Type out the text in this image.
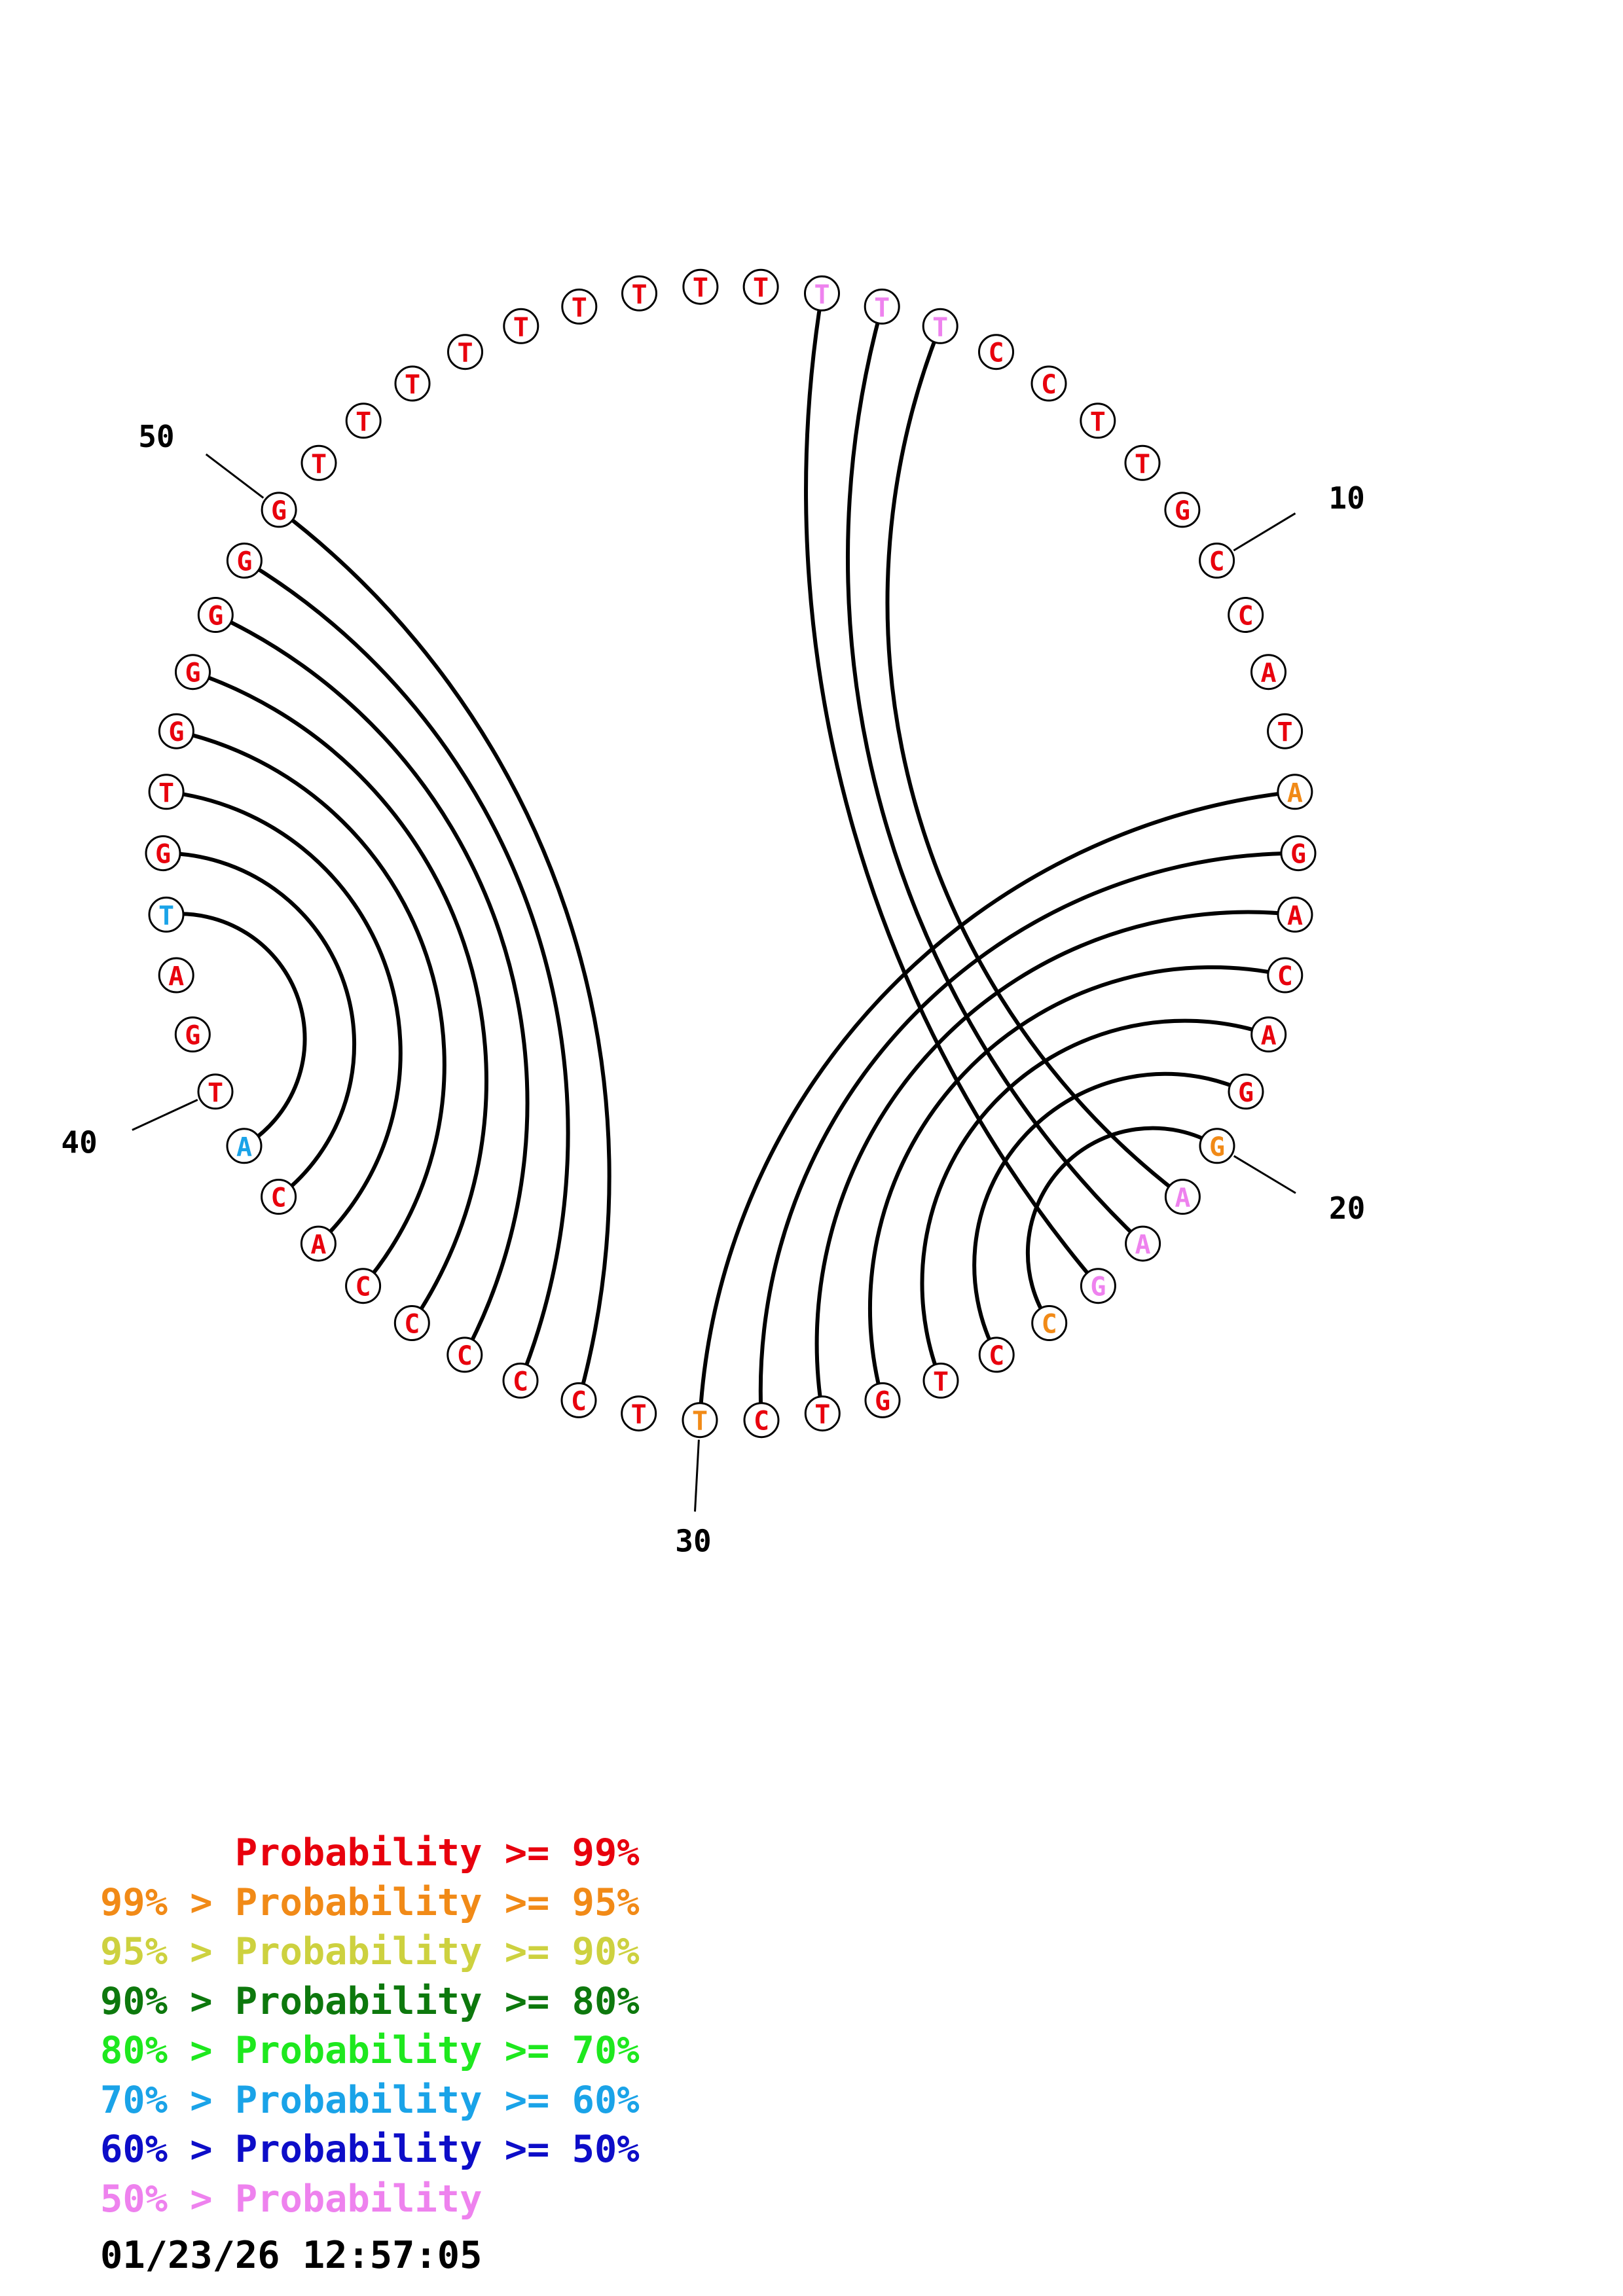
10
20
30
40
50
T T T
T
C
C
T
T
G
C
C
A
T
A
G
A
C
A
G
G
A
A
G
C
C
T
G
T
C
T
T
C
C
C
C
C
A
C
A
T
G
A
T
G
T
G
G
G
G
G
T
T
T
T
T
T T T
Probability >= 99%
99% > Probability >= 95%
95% > Probability >= 90%
90% > Probability >= 80%
80% > Probability >= 70%
70% > Probability >= 60%
60% > Probability >= 50%
50% > Probability
01/23/26 12:57:05
